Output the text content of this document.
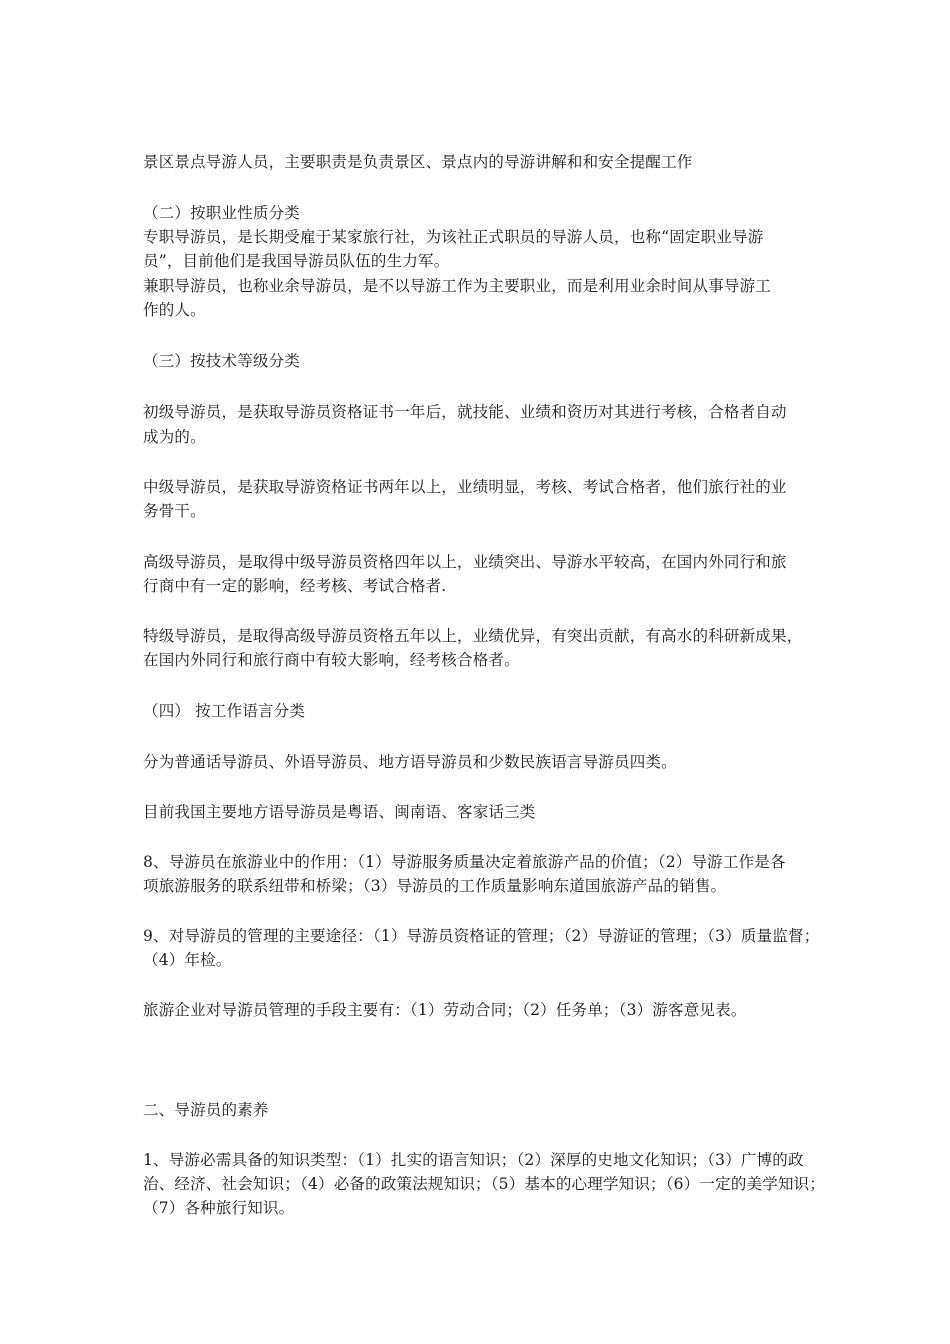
景区景点导游人员，主要职责是负责景区、景点内的导游讲解和和安全提醒工作
（二）按职业性质分类
专职导游员，是长期受雇于某家旅行社，为该社正式职员的导游人员，也称“固定职业导游
员”，目前他们是我国导游员队伍的生力军。
兼职导游员，也称业余导游员，是不以导游工作为主要职业，而是利用业余时间从事导游工
作的人。
（三）按技术等级分类
初级导游员，是获取导游员资格证书一年后，就技能、业绩和资历对其进行考核，合格者自动
成为的。
中级导游员，是获取导游资格证书两年以上，业绩明显，考核、考试合格者，他们旅行社的业
务骨干。
高级导游员，是取得中级导游员资格四年以上，业绩突出、导游水平较高，在国内外同行和旅
行商中有一定的影响，经考核、考试合格者.
特级导游员，是取得高级导游员资格五年以上，业绩优异，有突出贡献，有高水的科研新成果，
在国内外同行和旅行商中有较大影响，经考核合格者。
（四） 按工作语言分类
分为普通话导游员、外语导游员、地方语导游员和少数民族语言导游员四类。
目前我国主要地方语导游员是粤语、闽南语、客家话三类
8、导游员在旅游业中的作用：（1）导游服务质量决定着旅游产品的价值；（2）导游工作是各
项旅游服务的联系纽带和桥梁；（3）导游员的工作质量影响东道国旅游产品的销售。
9、对导游员的管理的主要途径：（1）导游员资格证的管理；（2）导游证的管理；（3）质量监督；
（4）年检。
旅游企业对导游员管理的手段主要有：（1）劳动合同；（2）任务单；（3）游客意见表。
二、导游员的素养
1、导游必需具备的知识类型：（1）扎实的语言知识；（2）深厚的史地文化知识；（3）广博的政
治、经济、社会知识；（4）必备的政策法规知识；（5）基本的心理学知识；（6）一定的美学知识；
（7）各种旅行知识。
